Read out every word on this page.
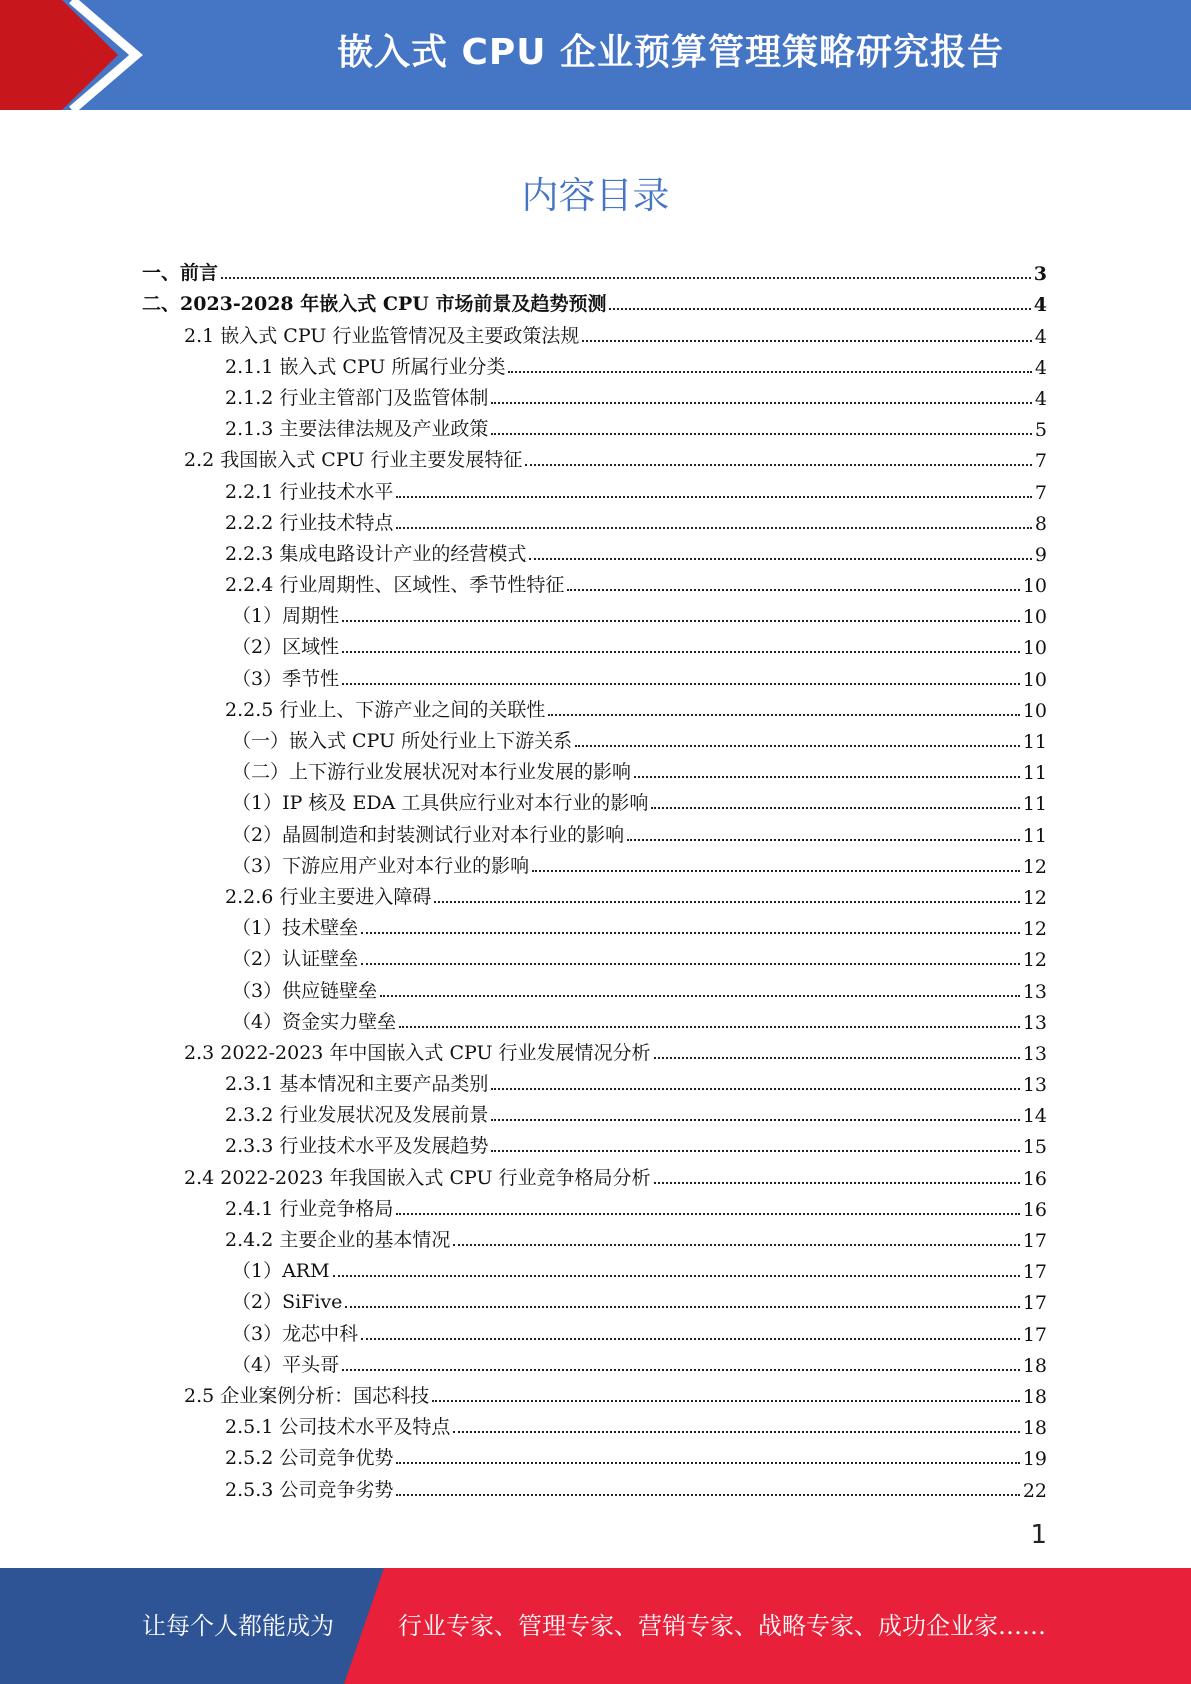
嵌入式 CPU 企业预算管理策略研究报告
内容目录
一、前言	3
二、2023-2028 年嵌入式 CPU 市场前景及趋势预测	4
2.1 嵌入式 CPU 行业监管情况及主要政策法规	4
2.1.1 嵌入式 CPU 所属行业分类	4
2.1.2 行业主管部门及监管体制	4
2.1.3 主要法律法规及产业政策	5
2.2 我国嵌入式 CPU 行业主要发展特征	7
2.2.1 行业技术水平	7
2.2.2 行业技术特点	8
2.2.3 集成电路设计产业的经营模式	9
2.2.4 行业周期性、区域性、季节性特征	10
（1）周期性	10
（2）区域性	10
（3）季节性	10
2.2.5 行业上、下游产业之间的关联性	10
（一）嵌入式 CPU 所处行业上下游关系	11
（二）上下游行业发展状况对本行业发展的影响	11
（1）IP 核及 EDA 工具供应行业对本行业的影响	11
（2）晶圆制造和封装测试行业对本行业的影响	11
（3）下游应用产业对本行业的影响	12
2.2.6 行业主要进入障碍	12
（1）技术壁垒	12
（2）认证壁垒	12
（3）供应链壁垒	13
（4）资金实力壁垒	13
2.3 2022-2023 年中国嵌入式 CPU 行业发展情况分析	13
2.3.1 基本情况和主要产品类别	13
2.3.2 行业发展状况及发展前景	14
2.3.3 行业技术水平及发展趋势	15
2.4 2022-2023 年我国嵌入式 CPU 行业竞争格局分析	16
2.4.1 行业竞争格局	16
2.4.2 主要企业的基本情况	17
（1）ARM	17
（2）SiFive	17
（3）龙芯中科	17
（4）平头哥	18
2.5 企业案例分析：国芯科技	18
2.5.1 公司技术水平及特点	18
2.5.2 公司竞争优势	19
2.5.3 公司竞争劣势	22
1
让每个人都能成为	行业专家、管理专家、营销专家、战略专家、成功企业家……
